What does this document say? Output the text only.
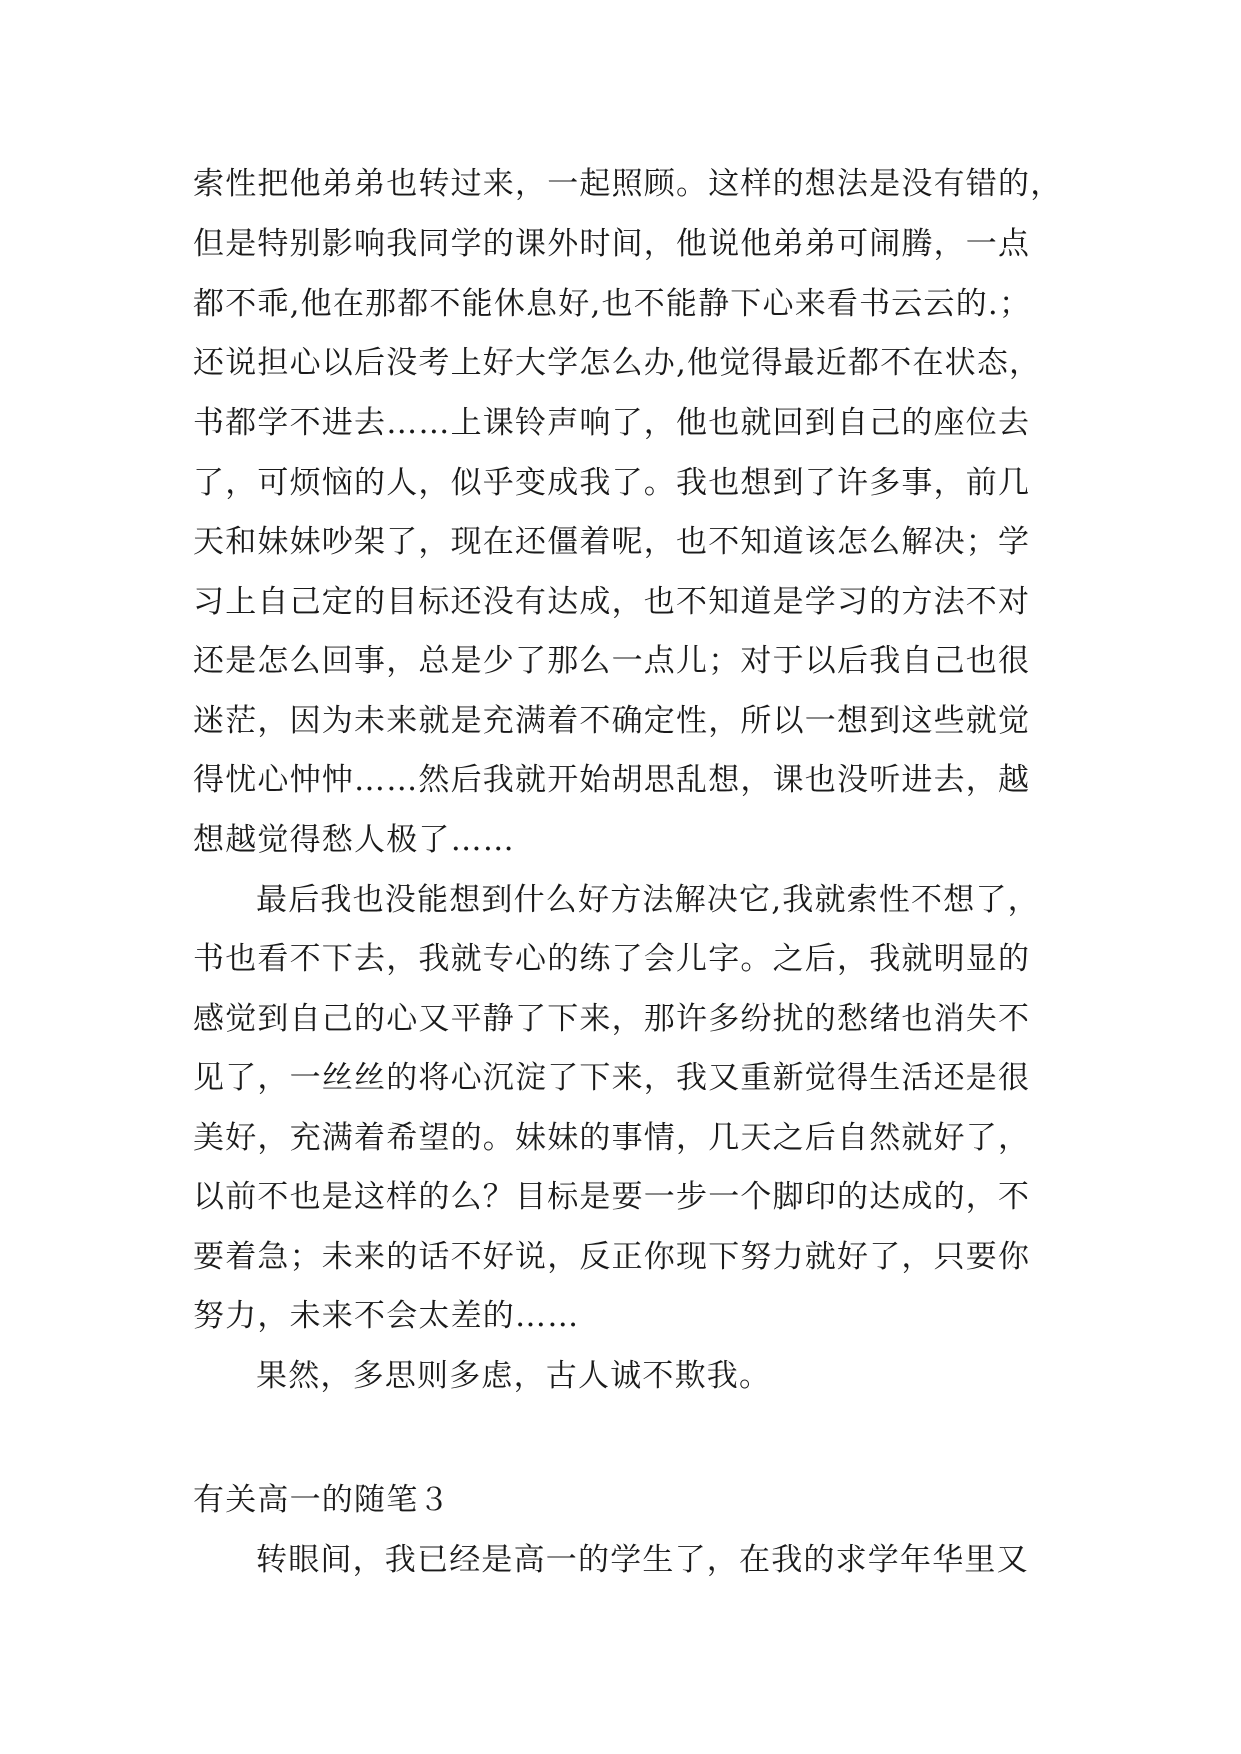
索性把他弟弟也转过来，一起照顾。这样的想法是没有错的，
但是特别影响我同学的课外时间，他说他弟弟可闹腾，一点
都不乖,他在那都不能休息好,也不能静下心来看书云云的.；
还说担心以后没考上好大学怎么办,他觉得最近都不在状态，
书都学不进去……上课铃声响了，他也就回到自己的座位去
了，可烦恼的人，似乎变成我了。我也想到了许多事，前几
天和妹妹吵架了，现在还僵着呢，也不知道该怎么解决；学
习上自己定的目标还没有达成，也不知道是学习的方法不对
还是怎么回事，总是少了那么一点儿；对于以后我自己也很
迷茫，因为未来就是充满着不确定性，所以一想到这些就觉
得忧心忡忡……然后我就开始胡思乱想，课也没听进去，越
想越觉得愁人极了……
最后我也没能想到什么好方法解决它,我就索性不想了，
书也看不下去，我就专心的练了会儿字。之后，我就明显的
感觉到自己的心又平静了下来，那许多纷扰的愁绪也消失不
见了，一丝丝的将心沉淀了下来，我又重新觉得生活还是很
美好，充满着希望的。妹妹的事情，几天之后自然就好了，
以前不也是这样的么？目标是要一步一个脚印的达成的，不
要着急；未来的话不好说，反正你现下努力就好了，只要你
努力，未来不会太差的……
果然，多思则多虑，古人诚不欺我。
有关高一的随笔３
转眼间，我已经是高一的学生了，在我的求学年华里又
